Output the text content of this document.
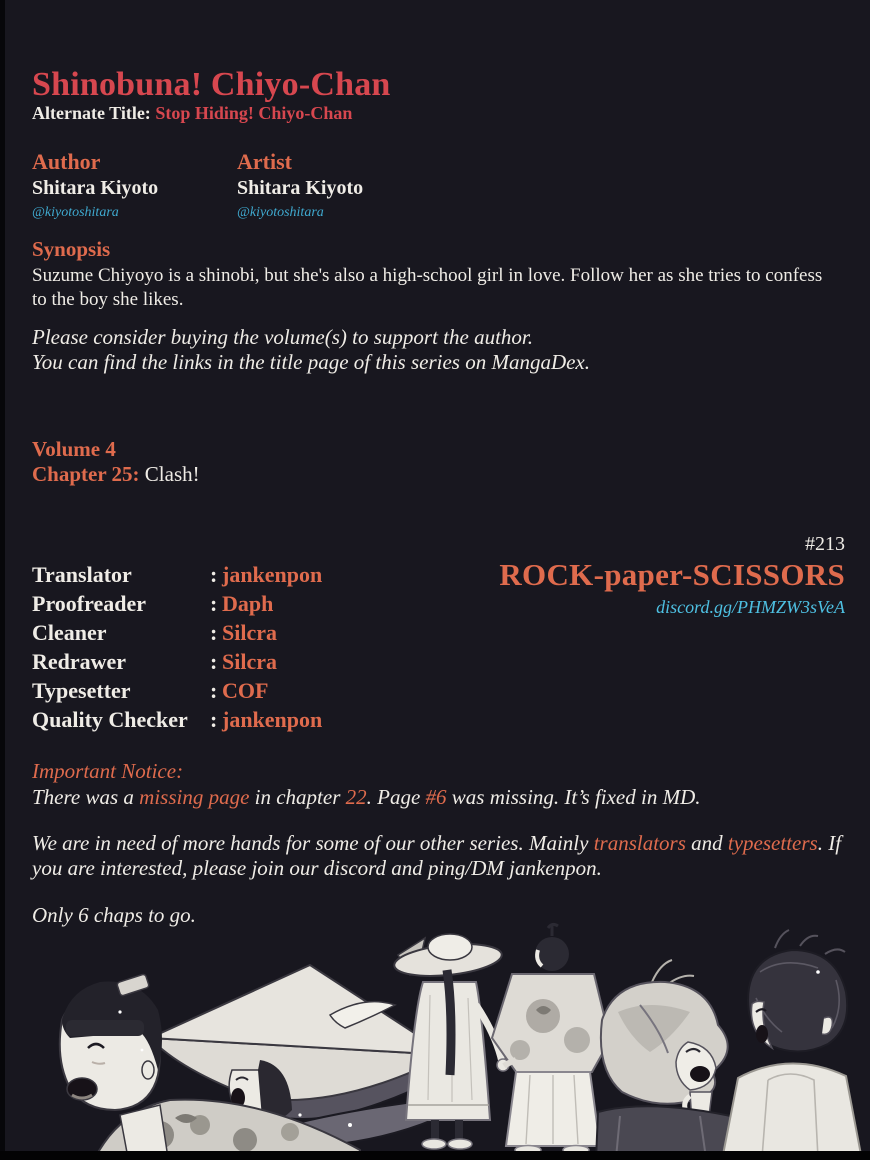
Shinobuna! Chiyo-Chan
Alternate Title: Stop Hiding! Chiyo-Chan
Author
Shitara Kiyoto
@kiyotoshitara
Artist
Shitara Kiyoto
@kiyotoshitara
Synopsis
Suzume Chiyoyo is a shinobi, but she's also a high-school girl in love. Follow her as she tries to confess to the boy she likes.
Please consider buying the volume(s) to support the author.
You can find the links in the title page of this series on MangaDex.
Volume 4
Chapter 25: Clash!
Translator	: jankenpon
Proofreader	: Daph
Cleaner	: Silcra
Redrawer	: Silcra
Typesetter	: COF
Quality Checker	: jankenpon
#213
ROCK-paper-SCISSORS
discord.gg/PHMZW3sVeA
Important Notice:
There was a missing page in chapter 22. Page #6 was missing. It’s fixed in MD.
We are in need of more hands for some of our other series. Mainly translators and typesetters. If you are interested, please join our discord and ping/DM jankenpon.
Only 6 chaps to go.
